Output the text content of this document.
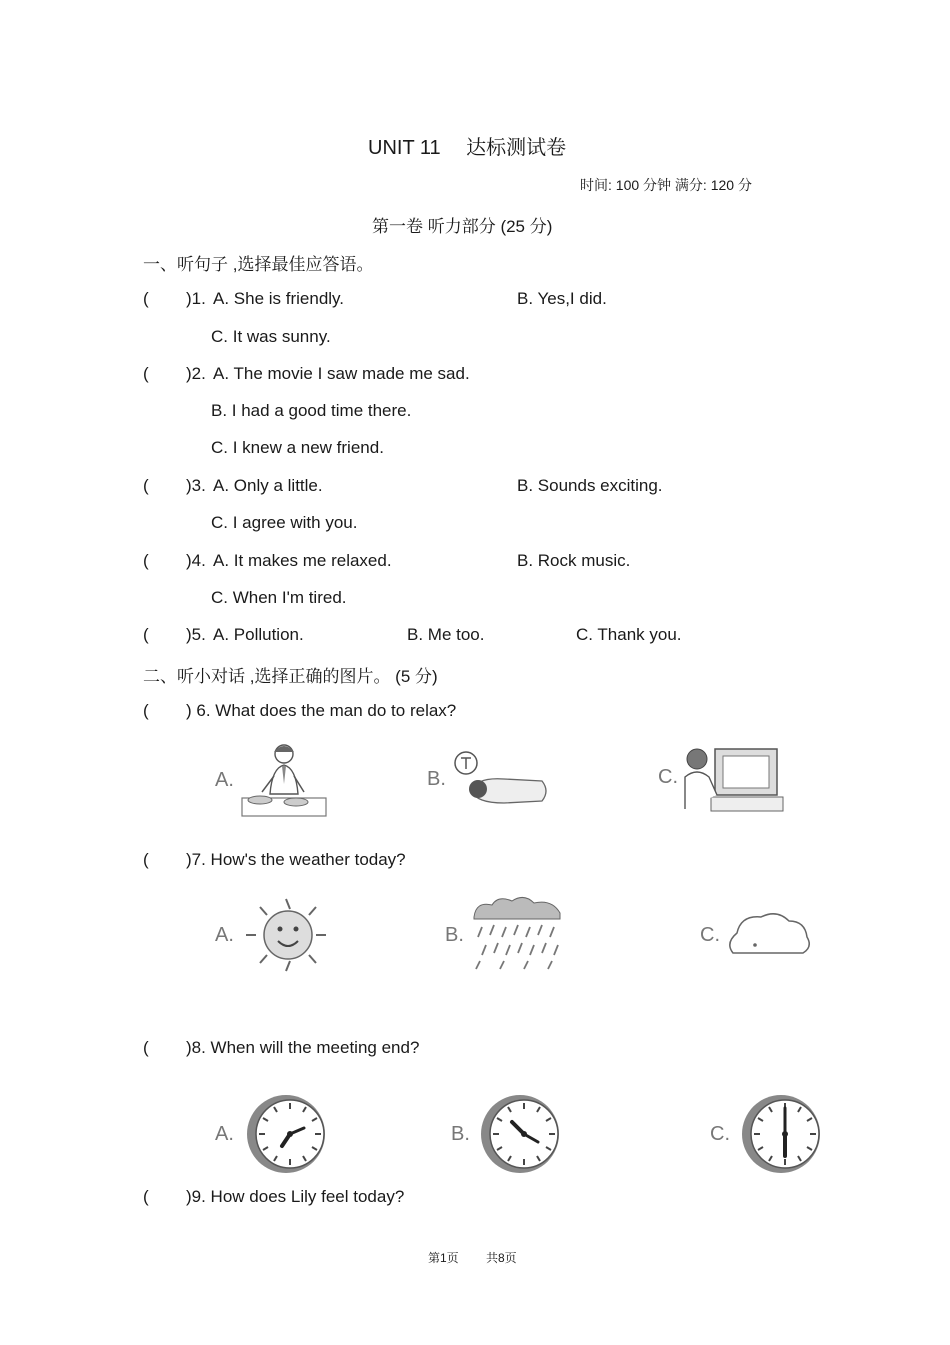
UNIT 11　 达标测试卷
时间: 100 分钟 满分: 120 分
第一卷 听力部分 (25 分)
一、听句子 ,选择最佳应答语。
( )1. A. She is friendly.	B. Yes,I did.
C. It was sunny.
( )2. A. The movie I saw made me sad.
B. I had a good time there.
C. I knew a new friend.
( )3. A. Only a little.	B. Sounds exciting.
C. I agree with you.
( )4. A. It makes me relaxed.	B. Rock music.
C. When I'm tired.
( )5. A. Pollution.	B. Me too.	C. Thank you.
二、听小对话 ,选择正确的图片。 (5 分)
( ) 6. What does the man do to relax?
A.	B.	C.
( )7. How's the weather today?
A.	B.	C.
( )8. When will the meeting end?
A.	B.	C.
( )9. How does Lily feel today?
第1页 共8页
